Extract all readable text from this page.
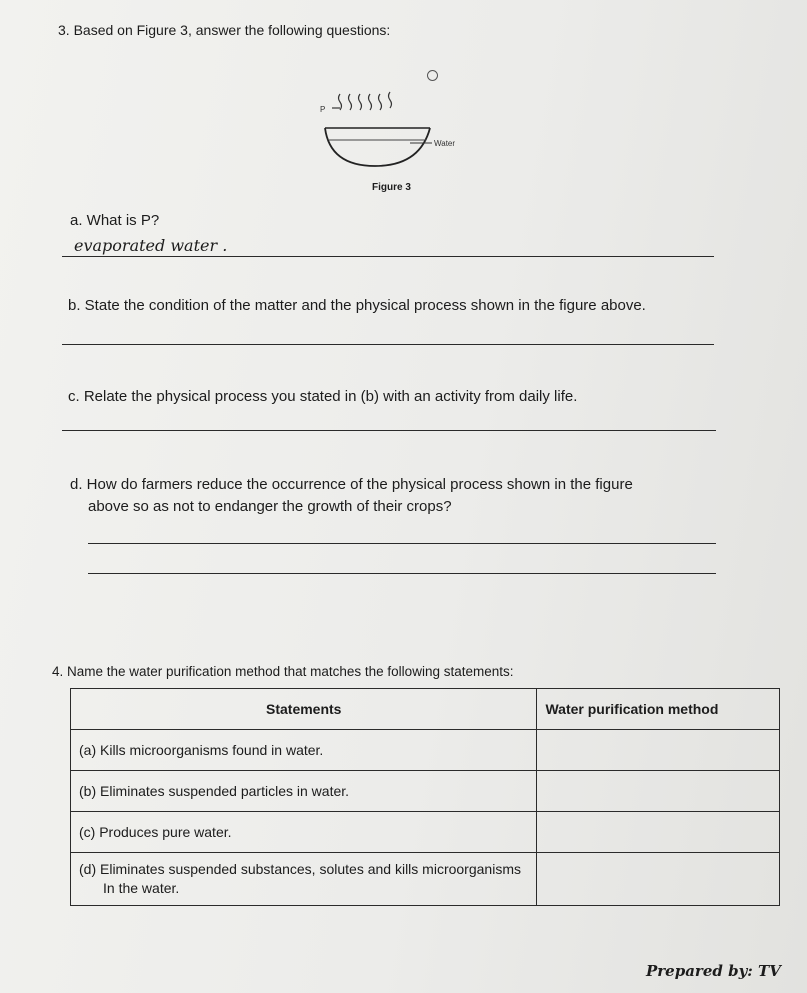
3. Based on Figure 3, answer the following questions:
P
Water
Figure 3
a. What is P?
evaporated water .
b. State the condition of the matter and the physical process shown in the figure above.
c. Relate the physical process you stated in (b) with an activity from daily life.
d. How do farmers reduce the occurrence of the physical process shown in the figure
above so as not to endanger the growth of their crops?
4. Name the water purification method that matches the following statements:
Statements	Water purification method
(a) Kills microorganisms found in water.	
(b) Eliminates suspended particles in water.	
(c) Produces pure water.	

(d) Eliminates suspended substances, solutes and kills microorganisms
In the water.	

Prepared by: TV
